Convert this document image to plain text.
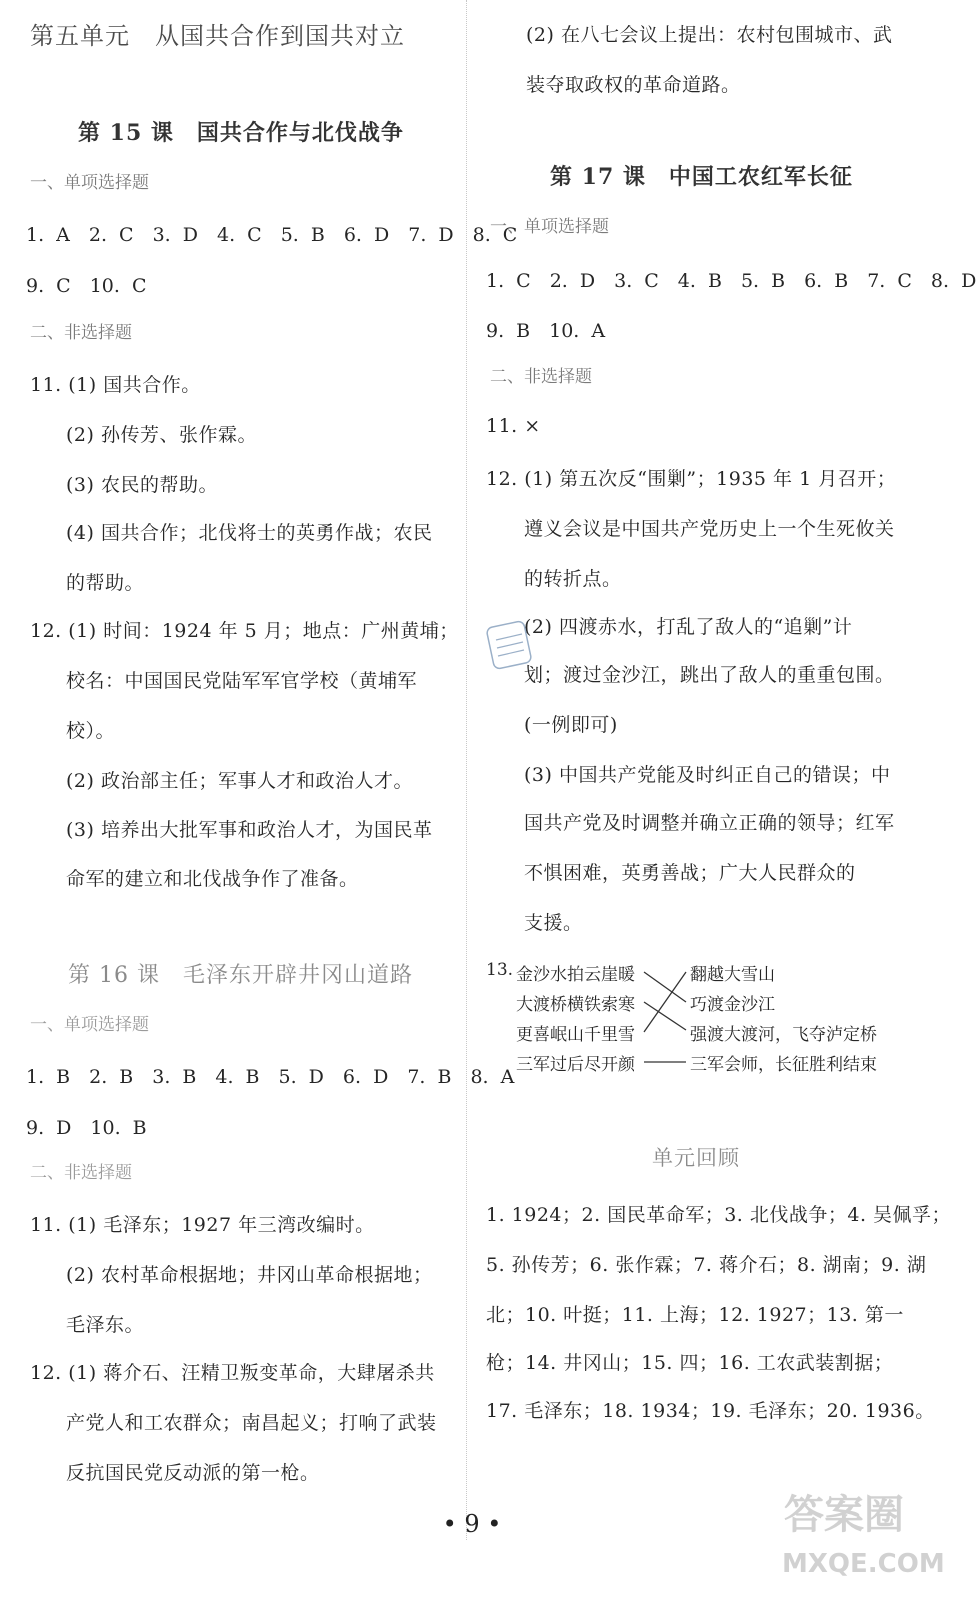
第五单元　从国共合作到国共对立
第 15 课　国共合作与北伐战争
一、单项选择题
1. A　2. C　3. D　4. C　5. B　6. D　7. D　8. C
9. C　10. C
二、非选择题
11. (1) 国共合作。
(2) 孙传芳、张作霖。
(3) 农民的帮助。
(4) 国共合作；北伐将士的英勇作战；农民
的帮助。
12. (1) 时间：1924 年 5 月；地点：广州黄埔；
校名：中国国民党陆军军官学校（黄埔军
校）。
(2) 政治部主任；军事人才和政治人才。
(3) 培养出大批军事和政治人才，为国民革
命军的建立和北伐战争作了准备。
第 16 课　毛泽东开辟井冈山道路
一、单项选择题
1. B　2. B　3. B　4. B　5. D　6. D　7. B　8. A
9. D　10. B
二、非选择题
11. (1) 毛泽东；1927 年三湾改编时。
(2) 农村革命根据地；井冈山革命根据地；
毛泽东。
12. (1) 蒋介石、汪精卫叛变革命，大肆屠杀共
产党人和工农群众；南昌起义；打响了武装
反抗国民党反动派的第一枪。
(2) 在八七会议上提出：农村包围城市、武
装夺取政权的革命道路。
第 17 课　中国工农红军长征
一、单项选择题
1. C　2. D　3. C　4. B　5. B　6. B　7. C　8. D
9. B　10. A
二、非选择题
11. ×
12. (1) 第五次反“围剿”；1935 年 1 月召开；
遵义会议是中国共产党历史上一个生死攸关
的转折点。
(2) 四渡赤水，打乱了敌人的“追剿”计
划；渡过金沙江，跳出了敌人的重重包围。
(一例即可)
(3) 中国共产党能及时纠正自己的错误；中
国共产党及时调整并确立正确的领导；红军
不惧困难，英勇善战；广大人民群众的
支援。
13. 金沙水拍云崖暖
大渡桥横铁索寒
更喜岷山千里雪
三军过后尽开颜
翻越大雪山
巧渡金沙江
强渡大渡河，飞夺泸定桥
三军会师，长征胜利结束
单元回顾
1. 1924；2. 国民革命军；3. 北伐战争；4. 吴佩孚；
5. 孙传芳；6. 张作霖；7. 蒋介石；8. 湖南；9. 湖
北；10. 叶挺；11. 上海；12. 1927；13. 第一
枪；14. 井冈山；15. 四；16. 工农武装割据；
17. 毛泽东；18. 1934；19. 毛泽东；20. 1936。
• 9 •	答案圈
MXQE.COM
